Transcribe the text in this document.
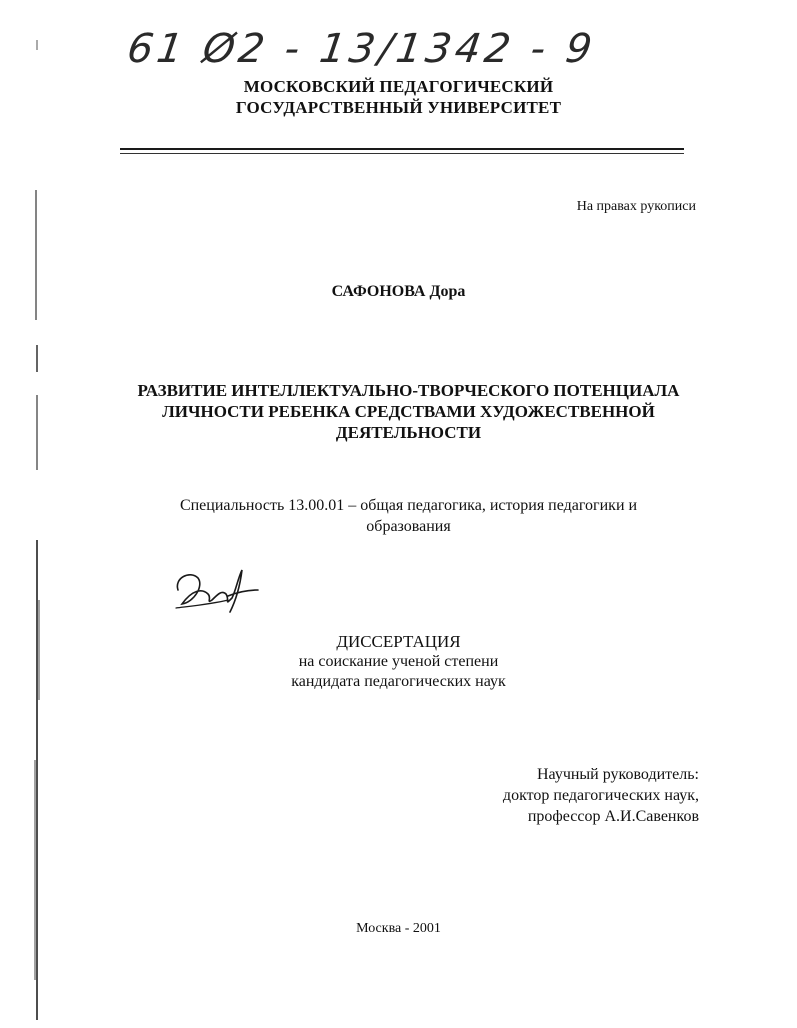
61 Ø2 - 13/1342 - 9
МОСКОВСКИЙ ПЕДАГОГИЧЕСКИЙ
ГОСУДАРСТВЕННЫЙ УНИВЕРСИТЕТ
На правах рукописи
САФОНОВА Дора
РАЗВИТИЕ ИНТЕЛЛЕКТУАЛЬНО-ТВОРЧЕСКОГО ПОТЕНЦИАЛА
ЛИЧНОСТИ РЕБЕНКА СРЕДСТВАМИ ХУДОЖЕСТВЕННОЙ
ДЕЯТЕЛЬНОСТИ
Специальность 13.00.01 – общая педагогика, история педагогики и
образования
ДИССЕРТАЦИЯ
на соискание ученой степени
кандидата педагогических наук
Научный руководитель:
доктор педагогических наук,
профессор А.И.Савенков
Москва - 2001
